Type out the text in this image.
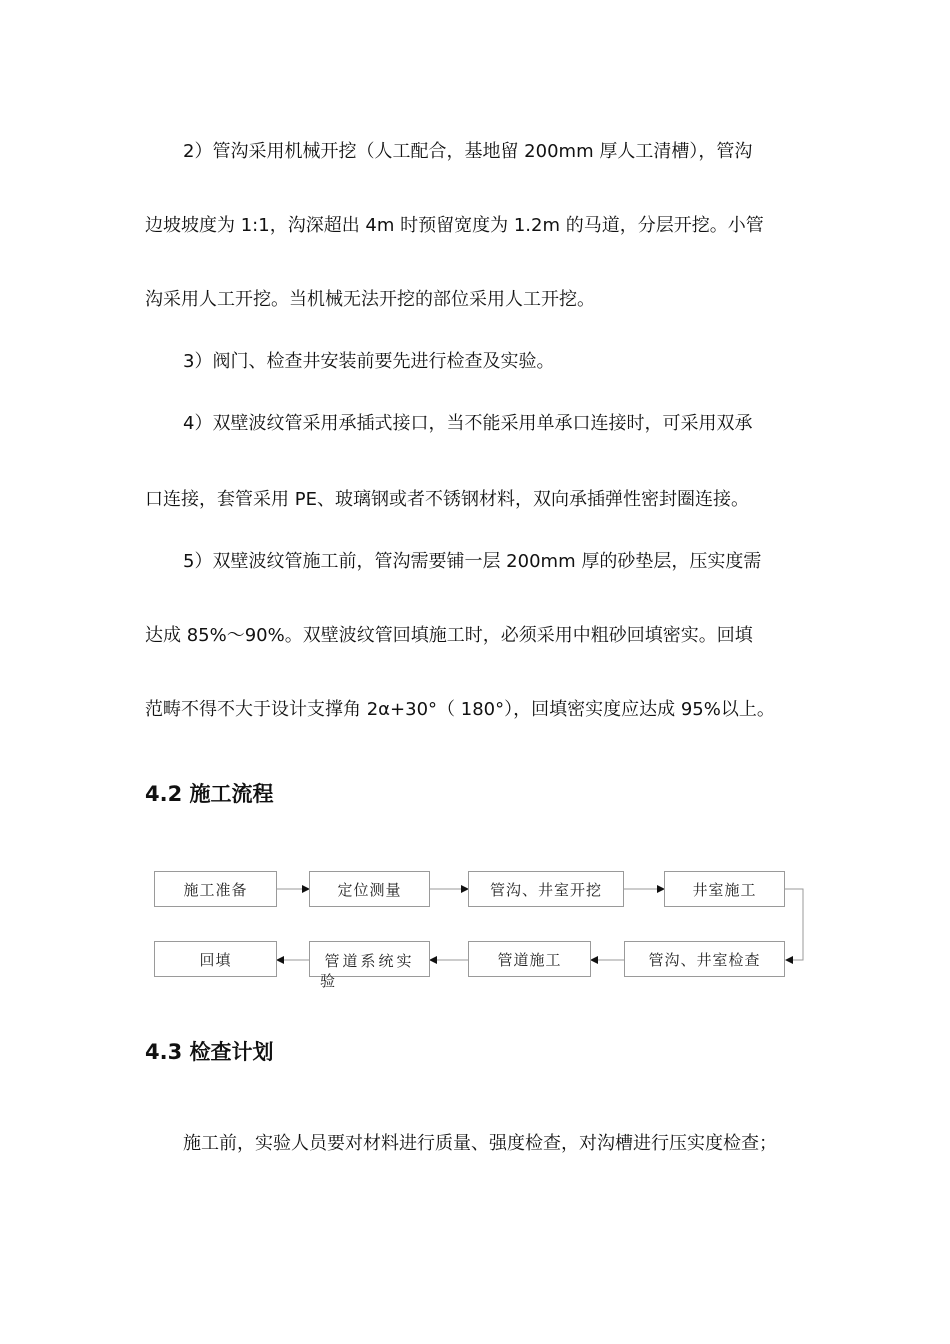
2）管沟采用机械开挖（人工配合，基地留 200mm 厚人工清槽），管沟
边坡坡度为 1:1，沟深超出 4m 时预留宽度为 1.2m 的马道，分层开挖。小管
沟采用人工开挖。当机械无法开挖的部位采用人工开挖。
3）阀门、检查井安装前要先进行检查及实验。
4）双壁波纹管采用承插式接口，当不能采用单承口连接时，可采用双承
口连接，套管采用 PE、玻璃钢或者不锈钢材料，双向承插弹性密封圈连接。
5）双壁波纹管施工前，管沟需要铺一层 200mm 厚的砂垫层，压实度需
达成 85%～90%。双壁波纹管回填施工时，必须采用中粗砂回填密实。回填
范畴不得不大于设计支撑角 2α+30°（ 180°），回填密实度应达成 95%以上。
4.2 施工流程
施工准备	定位测量	管沟、井室开挖	井室施工
回填	管道系统实
验
管道施工	管沟、井室检查
4.3 检查计划
施工前，实验人员要对材料进行质量、强度检查，对沟槽进行压实度检查；
